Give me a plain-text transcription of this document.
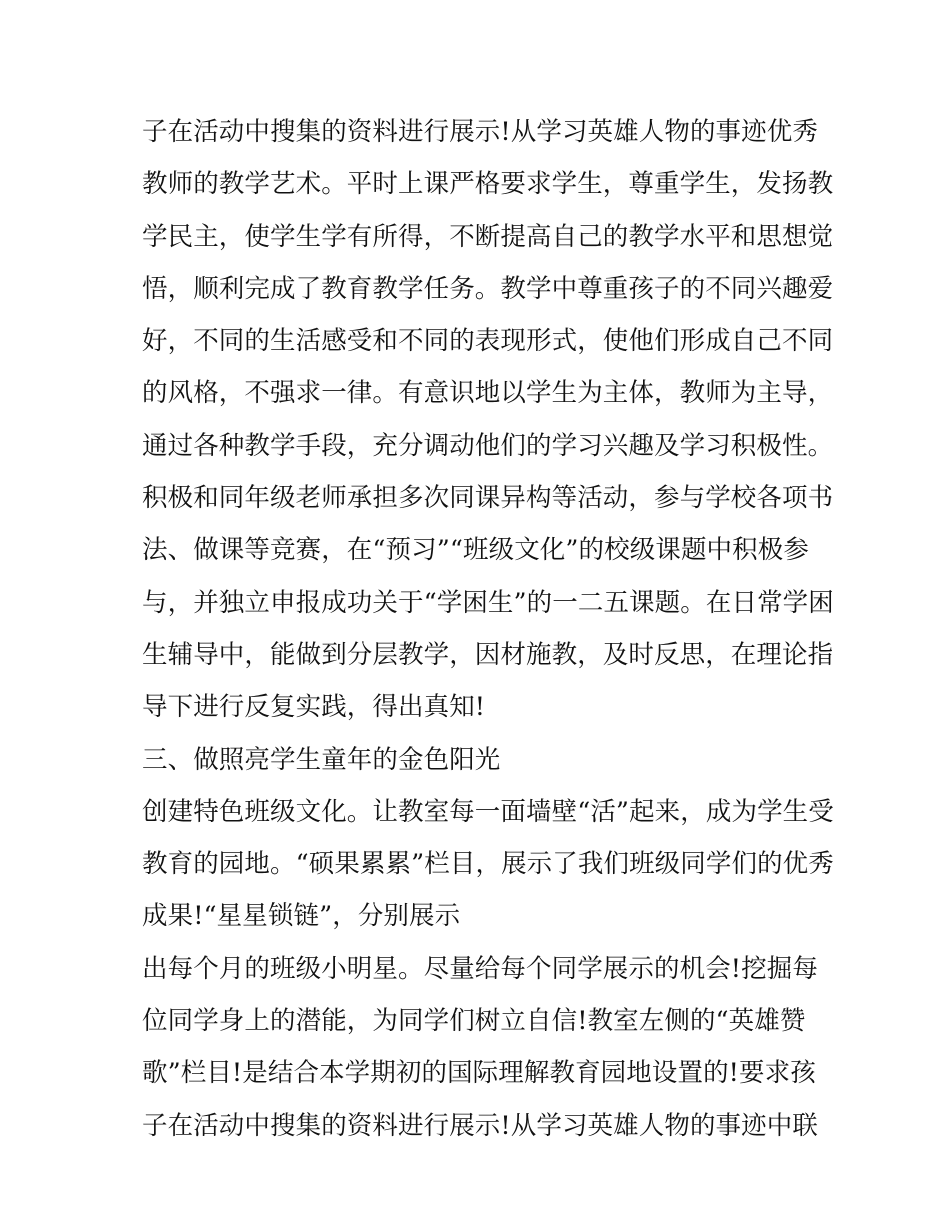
子在活动中搜集的资料进行展示!从学习英雄人物的事迹优秀
教师的教学艺术。平时上课严格要求学生，尊重学生，发扬教
学民主，使学生学有所得，不断提高自己的教学水平和思想觉
悟，顺利完成了教育教学任务。教学中尊重孩子的不同兴趣爱
好，不同的生活感受和不同的表现形式，使他们形成自己不同
的风格，不强求一律。有意识地以学生为主体，教师为主导，
通过各种教学手段，充分调动他们的学习兴趣及学习积极性。
积极和同年级老师承担多次同课异构等活动，参与学校各项书
法、做课等竞赛，在“预习”“班级文化”的校级课题中积极参
与，并独立申报成功关于“学困生”的一二五课题。在日常学困
生辅导中，能做到分层教学，因材施教，及时反思，在理论指
导下进行反复实践，得出真知!
三、做照亮学生童年的金色阳光
创建特色班级文化。让教室每一面墙壁“活”起来，成为学生受
教育的园地。“硕果累累”栏目，展示了我们班级同学们的优秀
成果!“星星锁链”，分别展示
出每个月的班级小明星。尽量给每个同学展示的机会!挖掘每
位同学身上的潜能，为同学们树立自信!教室左侧的“英雄赞
歌”栏目!是结合本学期初的国际理解教育园地设置的!要求孩
子在活动中搜集的资料进行展示!从学习英雄人物的事迹中联
